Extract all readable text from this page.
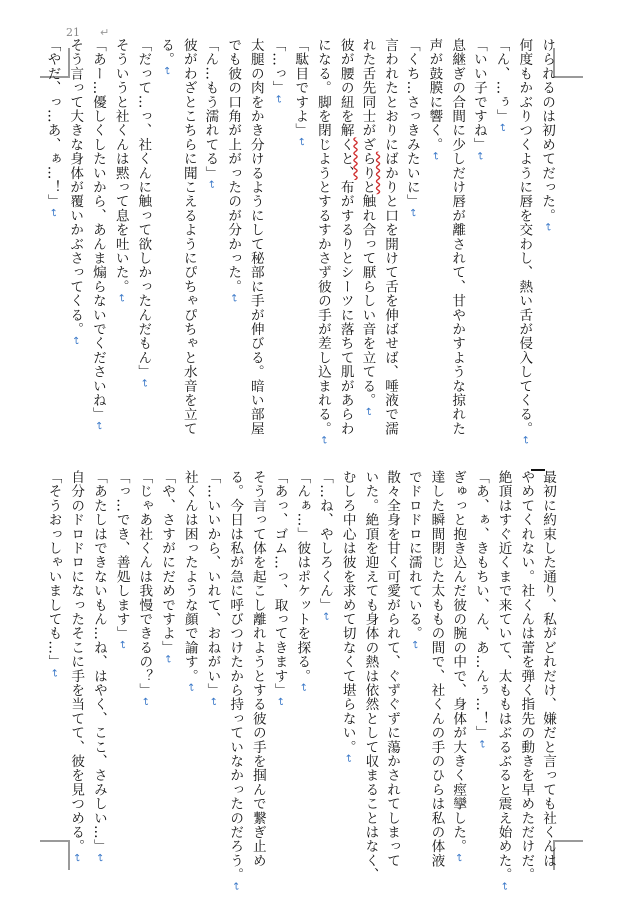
21 ↵
けられるのは初めてだった。↩
何度もかぶりつくように唇を交わし、熱い舌が侵入してくる。↩
「ん、…ぅ」↩
「いい子ですね」↩
息継ぎの合間に少しだけ唇が離されて、甘やかすような掠れた
声が鼓膜に響く。↩
「くち…さっきみたいに」↩
言われたとおりにばかりと口を開けて舌を伸ばせば、唾液で濡
れた舌先同士がざらりと触れ合って厭らしい音を立てる。↩
彼が腰の紐を解くと、布がするりとシーツに落ちて肌があらわ
になる。脚を閉じようとするすかさず彼の手が差し込まれる。↩
「駄目ですよ」↩
「…っ」↩
太腿の肉をかき分けるようにして秘部に手が伸びる。暗い部屋
でも彼の口角が上がったのが分かった。↩
「ん…もう濡れてる」↩
彼がわざとこちらに聞こえるようにぴちゃぴちゃと水音を立て
る。↩
「だって…っ、社くんに触って欲しかったんだもん」↩
そういうと社くんは黙って息を吐いた。↩
「あー…優しくしたいから、あんま煽らないでくださいね」↩
そう言って大きな身体が覆いかぶさってくる。↩
「やだ、っ…あ、ぁ…！」↩
最初に約束した通り、私がどれだけ、嫌だと言っても社くんは
やめてくれない。社くんは蕾を弾く指先の動きを早めただけだ。
絶頂はすぐ近くまで来ていて、太ももはぶるぶると震え始めた。↩
「あ、ぁ、きもちい、ん、あ…んぅ…！」↩
ぎゅっと抱き込んだ彼の腕の中で、身体が大きく痙攣した。↩
達した瞬間閉じた太ももの間で、社くんの手のひらは私の体液
でドロドロに濡れている。↩
散々全身を甘く可愛がられて、ぐずぐずに蕩かされてしまって
いた。絶頂を迎えても身体の熱は依然として収まることはなく、
むしろ中心は彼を求めて切なくて堪らない。↩
「…ね、やしろくん」↩
「んぁ…」彼はポケットを探る。↩
「あっ、ゴム…っ、取ってきます」↩
そう言って体を起こし離れようとする彼の手を掴んで繋ぎ止め
る。今日は私が急に呼びつけたから持っていなかったのだろう。↩
「…いいから、いれて、おねがい」↩
社くんは困ったような顔で諭す。↩
「や、さすがにだめですよ」↩
「じゃあ社くんは我慢できるの？」↩
「っ…でき、善処します」↩
「あたしはできないもん…ね、はやく、ここ、さみしい…」↩
自分のドロドロになったそこに手を当てて、彼を見つめる。↩
「そうおっしゃいましても…」↩
